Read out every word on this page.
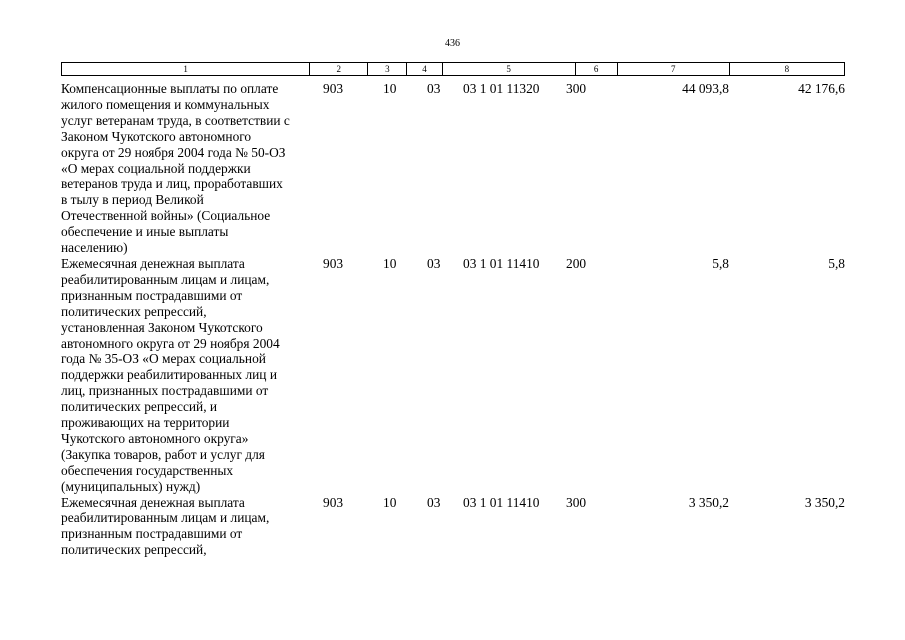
436
1	2	3	4	5	6	7	8
Компенсационные выплаты по оплате
жилого помещения и коммунальных
услуг ветеранам труда, в соответствии с
Законом Чукотского автономного
округа от 29 ноября 2004 года № 50-ОЗ
«О мерах социальной поддержки
ветеранов труда и лиц, проработавших
в тылу в период Великой
Отечественной войны» (Социальное
обеспечение и иные выплаты
населению)
903	10	03	03 1 01 11320	300	44 093,8	42 176,6
Ежемесячная денежная выплата
реабилитированным лицам и лицам,
признанным пострадавшими от
политических репрессий,
установленная Законом Чукотского
автономного округа от 29 ноября 2004
года № 35-ОЗ «О мерах социальной
поддержки реабилитированных лиц и
лиц, признанных пострадавшими от
политических репрессий, и
проживающих на территории
Чукотского автономного округа»
(Закупка товаров, работ и услуг для
обеспечения государственных
(муниципальных) нужд)
903	10	03	03 1 01 11410	200	5,8	5,8
Ежемесячная денежная выплата
реабилитированным лицам и лицам,
признанным пострадавшими от
политических репрессий,
903	10	03	03 1 01 11410	300	3 350,2	3 350,2
